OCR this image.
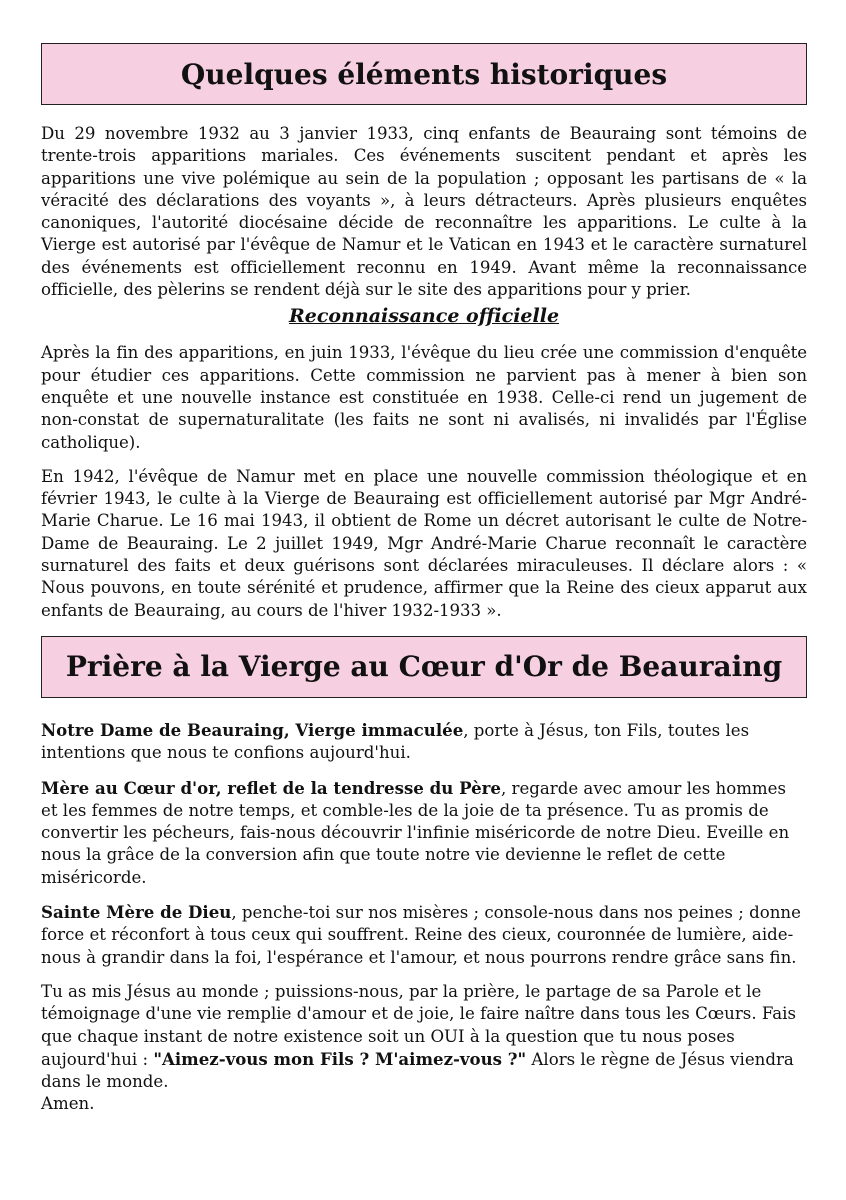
Quelques éléments historiques

Du 29 novembre 1932 au 3 janvier 1933, cinq enfants de Beauraing sont témoins de trente-trois apparitions mariales. Ces événements suscitent pendant et après les apparitions une vive polémique au sein de la population ; opposant les partisans de « la véracité des déclarations des voyants », à leurs détracteurs. Après plusieurs enquêtes canoniques, l'autorité diocésaine décide de reconnaître les apparitions. Le culte à la Vierge est autorisé par l'évêque de Namur et le Vatican en 1943 et le caractère surnaturel des événements est officiellement reconnu en 1949. Avant même la reconnaissance officielle, des pèlerins se rendent déjà sur le site des apparitions pour y prier.

Reconnaissance officielle

Après la fin des apparitions, en juin 1933, l'évêque du lieu crée une commission d'enquête pour étudier ces apparitions. Cette commission ne parvient pas à mener à bien son enquête et une nouvelle instance est constituée en 1938. Celle-ci rend un jugement de non-constat de supernaturalitate (les faits ne sont ni avalisés, ni invalidés par l'Église catholique).

En 1942, l'évêque de Namur met en place une nouvelle commission théologique et en février 1943, le culte à la Vierge de Beauraing est officiellement autorisé par Mgr André-Marie Charue. Le 16 mai 1943, il obtient de Rome un décret autorisant le culte de Notre-Dame de Beauraing. Le 2 juillet 1949, Mgr André-Marie Charue reconnaît le caractère surnaturel des faits et deux guérisons sont déclarées miraculeuses. Il déclare alors : « Nous pouvons, en toute sérénité et prudence, affirmer que la Reine des cieux apparut aux enfants de Beauraing, au cours de l'hiver 1932-1933 ».

Prière à la Vierge au Cœur d'Or de Beauraing

Notre Dame de Beauraing, Vierge immaculée, porte à Jésus, ton Fils, toutes les intentions que nous te confions aujourd'hui.

Mère au Cœur d'or, reflet de la tendresse du Père, regarde avec amour les hommes et les femmes de notre temps, et comble-les de la joie de ta présence. Tu as promis de convertir les pécheurs, fais-nous découvrir l'infinie miséricorde de notre Dieu. Eveille en nous la grâce de la conversion afin que toute notre vie devienne le reflet de cette miséricorde.

Sainte Mère de Dieu, penche-toi sur nos misères ; console-nous dans nos peines ; donne force et réconfort à tous ceux qui souffrent. Reine des cieux, couronnée de lumière, aide-nous à grandir dans la foi, l'espérance et l'amour, et nous pourrons rendre grâce sans fin.

Tu as mis Jésus au monde ; puissions-nous, par la prière, le partage de sa Parole et le témoignage d'une vie remplie d'amour et de joie, le faire naître dans tous les Cœurs. Fais que chaque instant de notre existence soit un OUI à la question que tu nous poses aujourd'hui : "Aimez-vous mon Fils ? M'aimez-vous ?" Alors le règne de Jésus viendra dans le monde.

Amen.
